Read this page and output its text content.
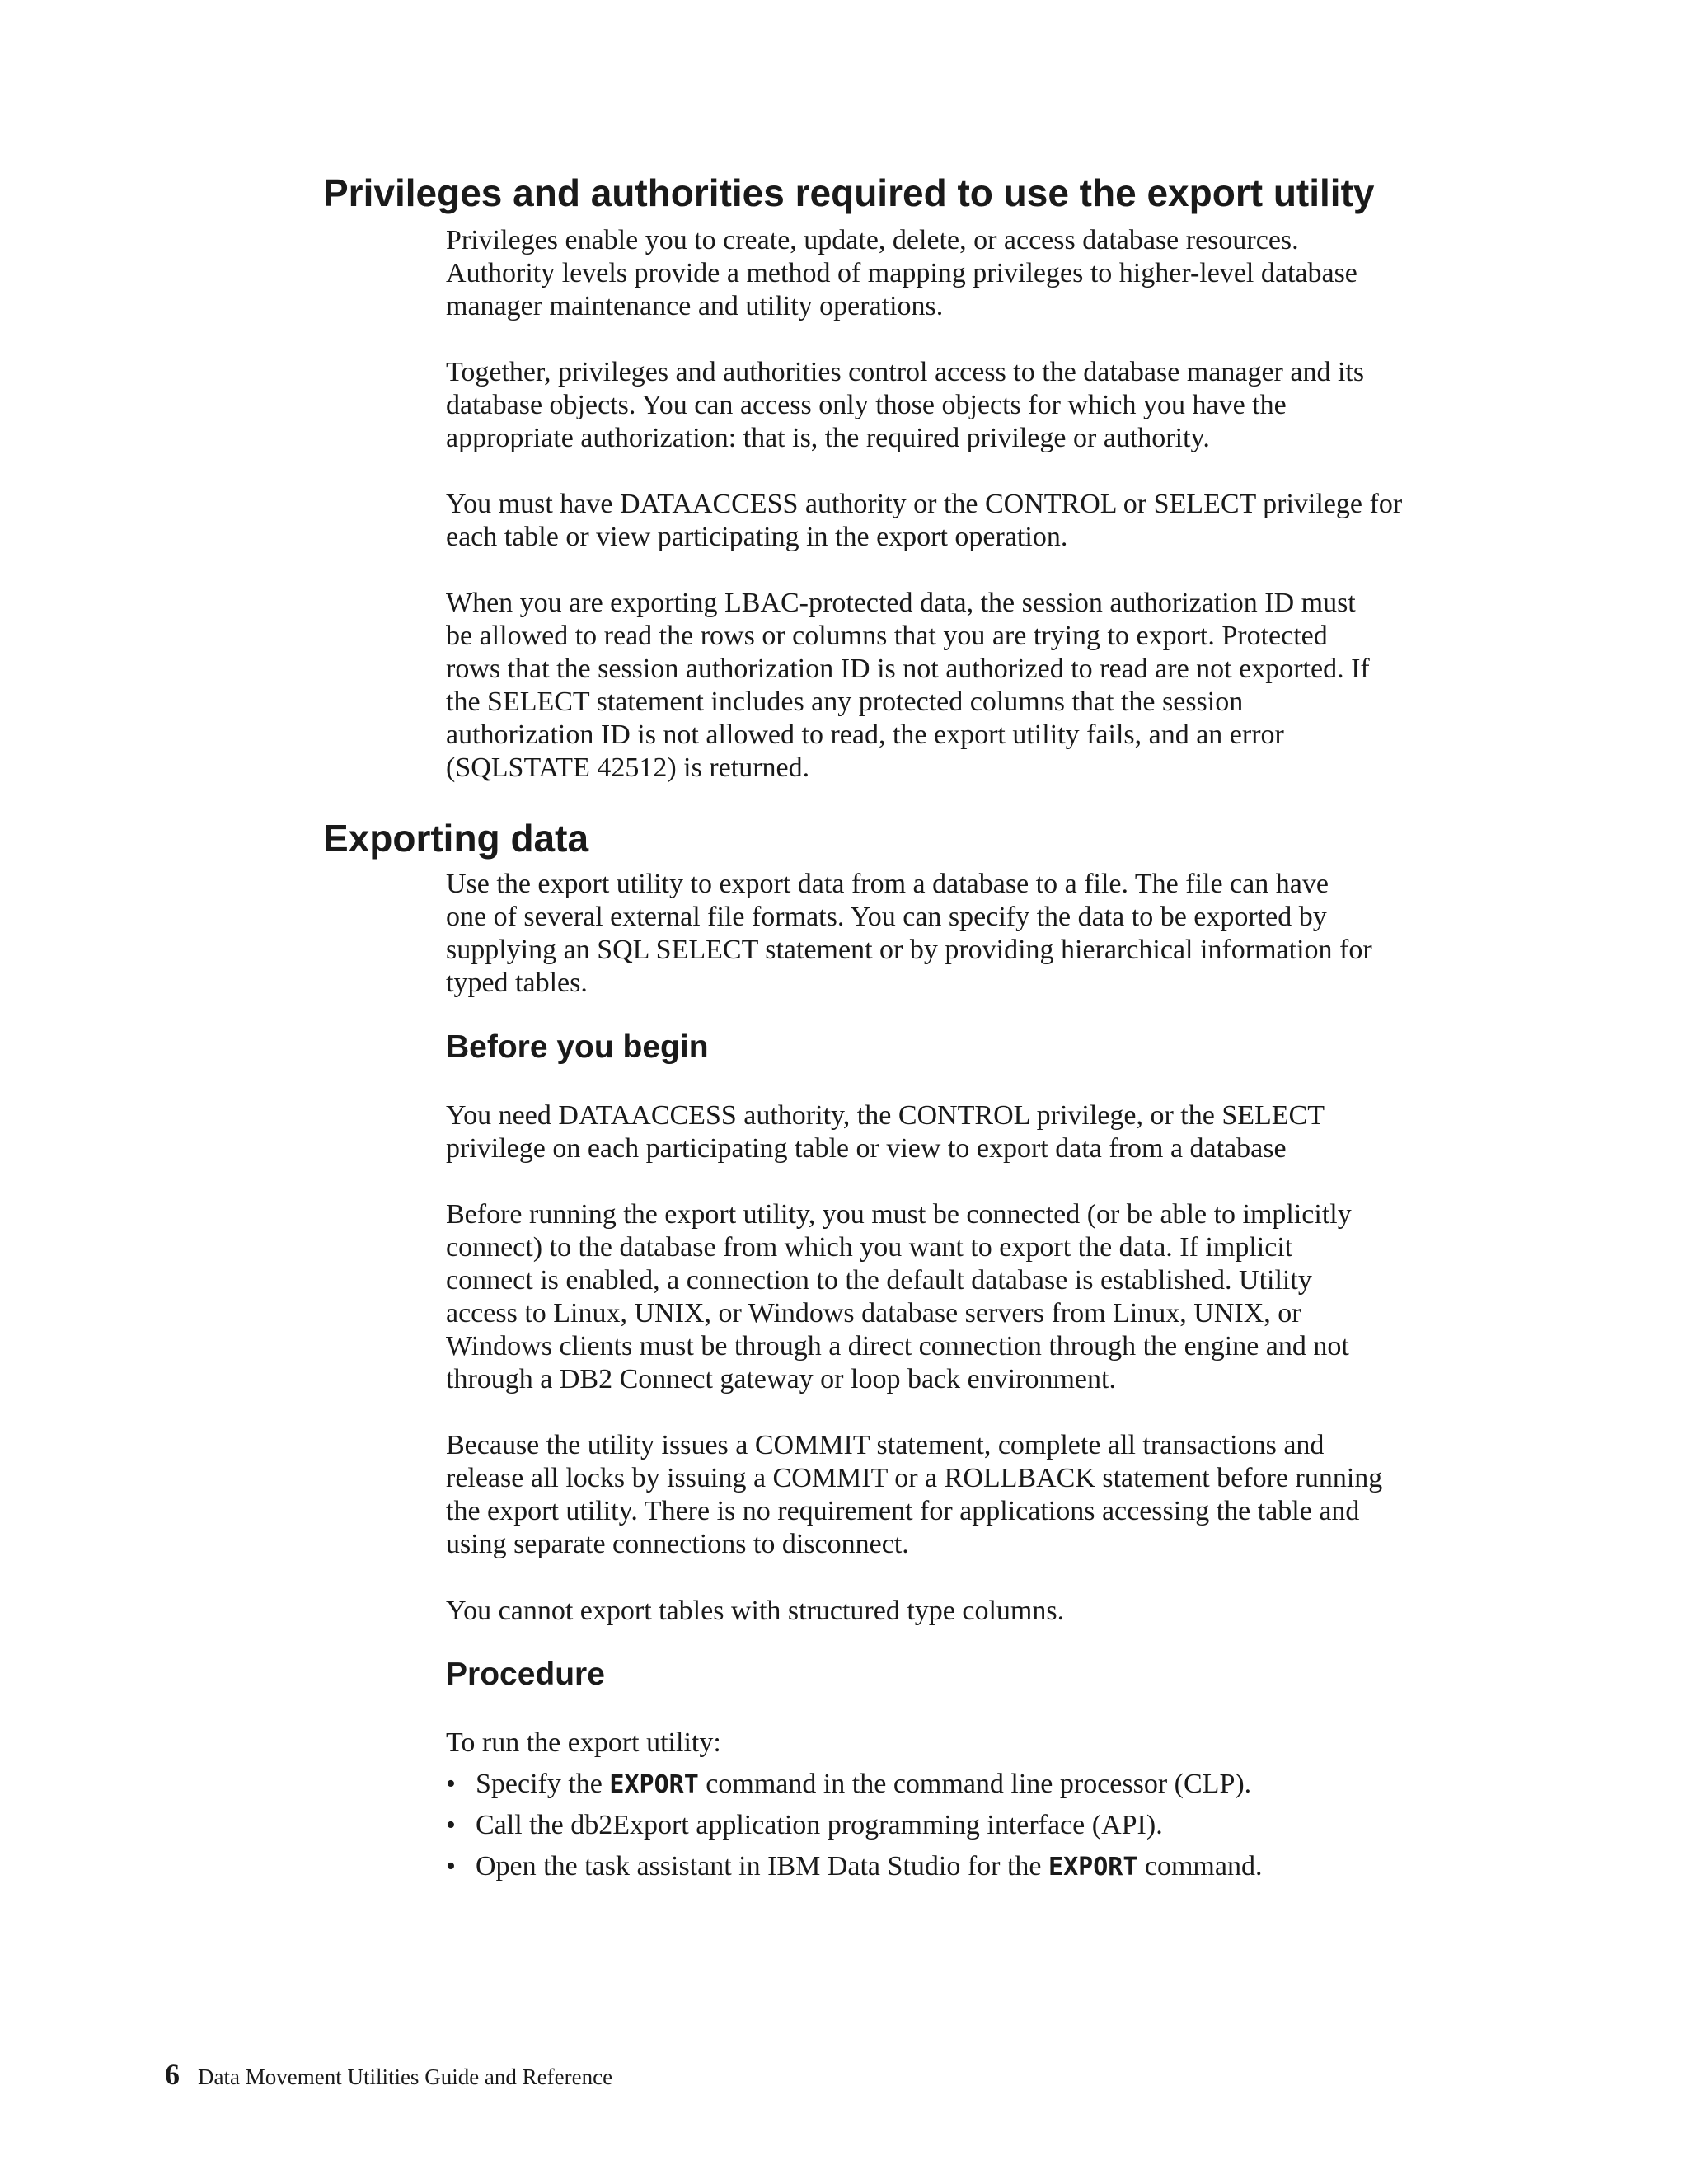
Privileges and authorities required to use the export utility

Privileges enable you to create, update, delete, or access database resources.
Authority levels provide a method of mapping privileges to higher-level database
manager maintenance and utility operations.

Together, privileges and authorities control access to the database manager and its
database objects. You can access only those objects for which you have the
appropriate authorization: that is, the required privilege or authority.

You must have DATAACCESS authority or the CONTROL or SELECT privilege for
each table or view participating in the export operation.

When you are exporting LBAC-protected data, the session authorization ID must
be allowed to read the rows or columns that you are trying to export. Protected
rows that the session authorization ID is not authorized to read are not exported. If
the SELECT statement includes any protected columns that the session
authorization ID is not allowed to read, the export utility fails, and an error
(SQLSTATE 42512) is returned.

Exporting data

Use the export utility to export data from a database to a file. The file can have
one of several external file formats. You can specify the data to be exported by
supplying an SQL SELECT statement or by providing hierarchical information for
typed tables.

Before you begin

You need DATAACCESS authority, the CONTROL privilege, or the SELECT
privilege on each participating table or view to export data from a database

Before running the export utility, you must be connected (or be able to implicitly
connect) to the database from which you want to export the data. If implicit
connect is enabled, a connection to the default database is established. Utility
access to Linux, UNIX, or Windows database servers from Linux, UNIX, or
Windows clients must be through a direct connection through the engine and not
through a DB2 Connect gateway or loop back environment.

Because the utility issues a COMMIT statement, complete all transactions and
release all locks by issuing a COMMIT or a ROLLBACK statement before running
the export utility. There is no requirement for applications accessing the table and
using separate connections to disconnect.

You cannot export tables with structured type columns.

Procedure

To run the export utility:

• Specify the EXPORT command in the command line processor (CLP).
• Call the db2Export application programming interface (API).
• Open the task assistant in IBM Data Studio for the EXPORT command.
6 Data Movement Utilities Guide and Reference
